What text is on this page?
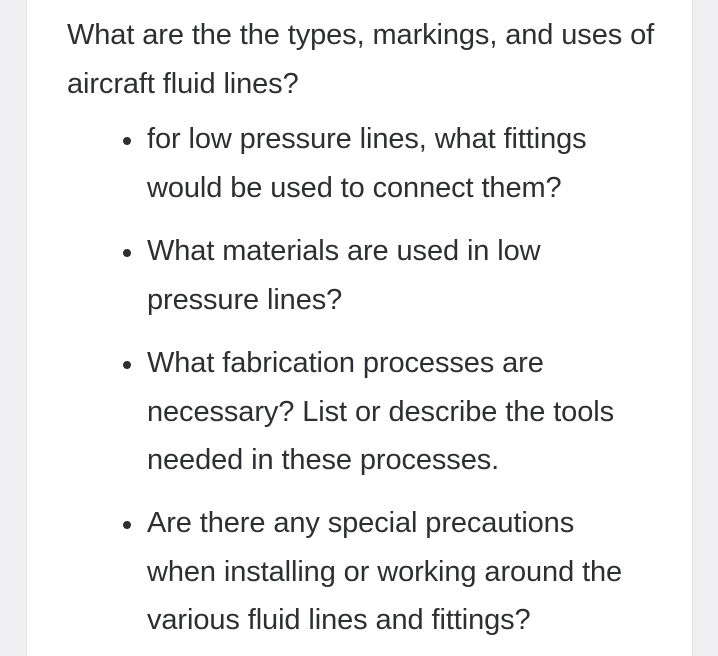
What are the the types, markings, and uses of aircraft fluid lines?

for low pressure lines, what fittings would be used to connect them?
What materials are used in low pressure lines?
What fabrication processes are necessary? List or describe the tools needed in these processes.
Are there any special precautions when installing or working around the various fluid lines and fittings?
